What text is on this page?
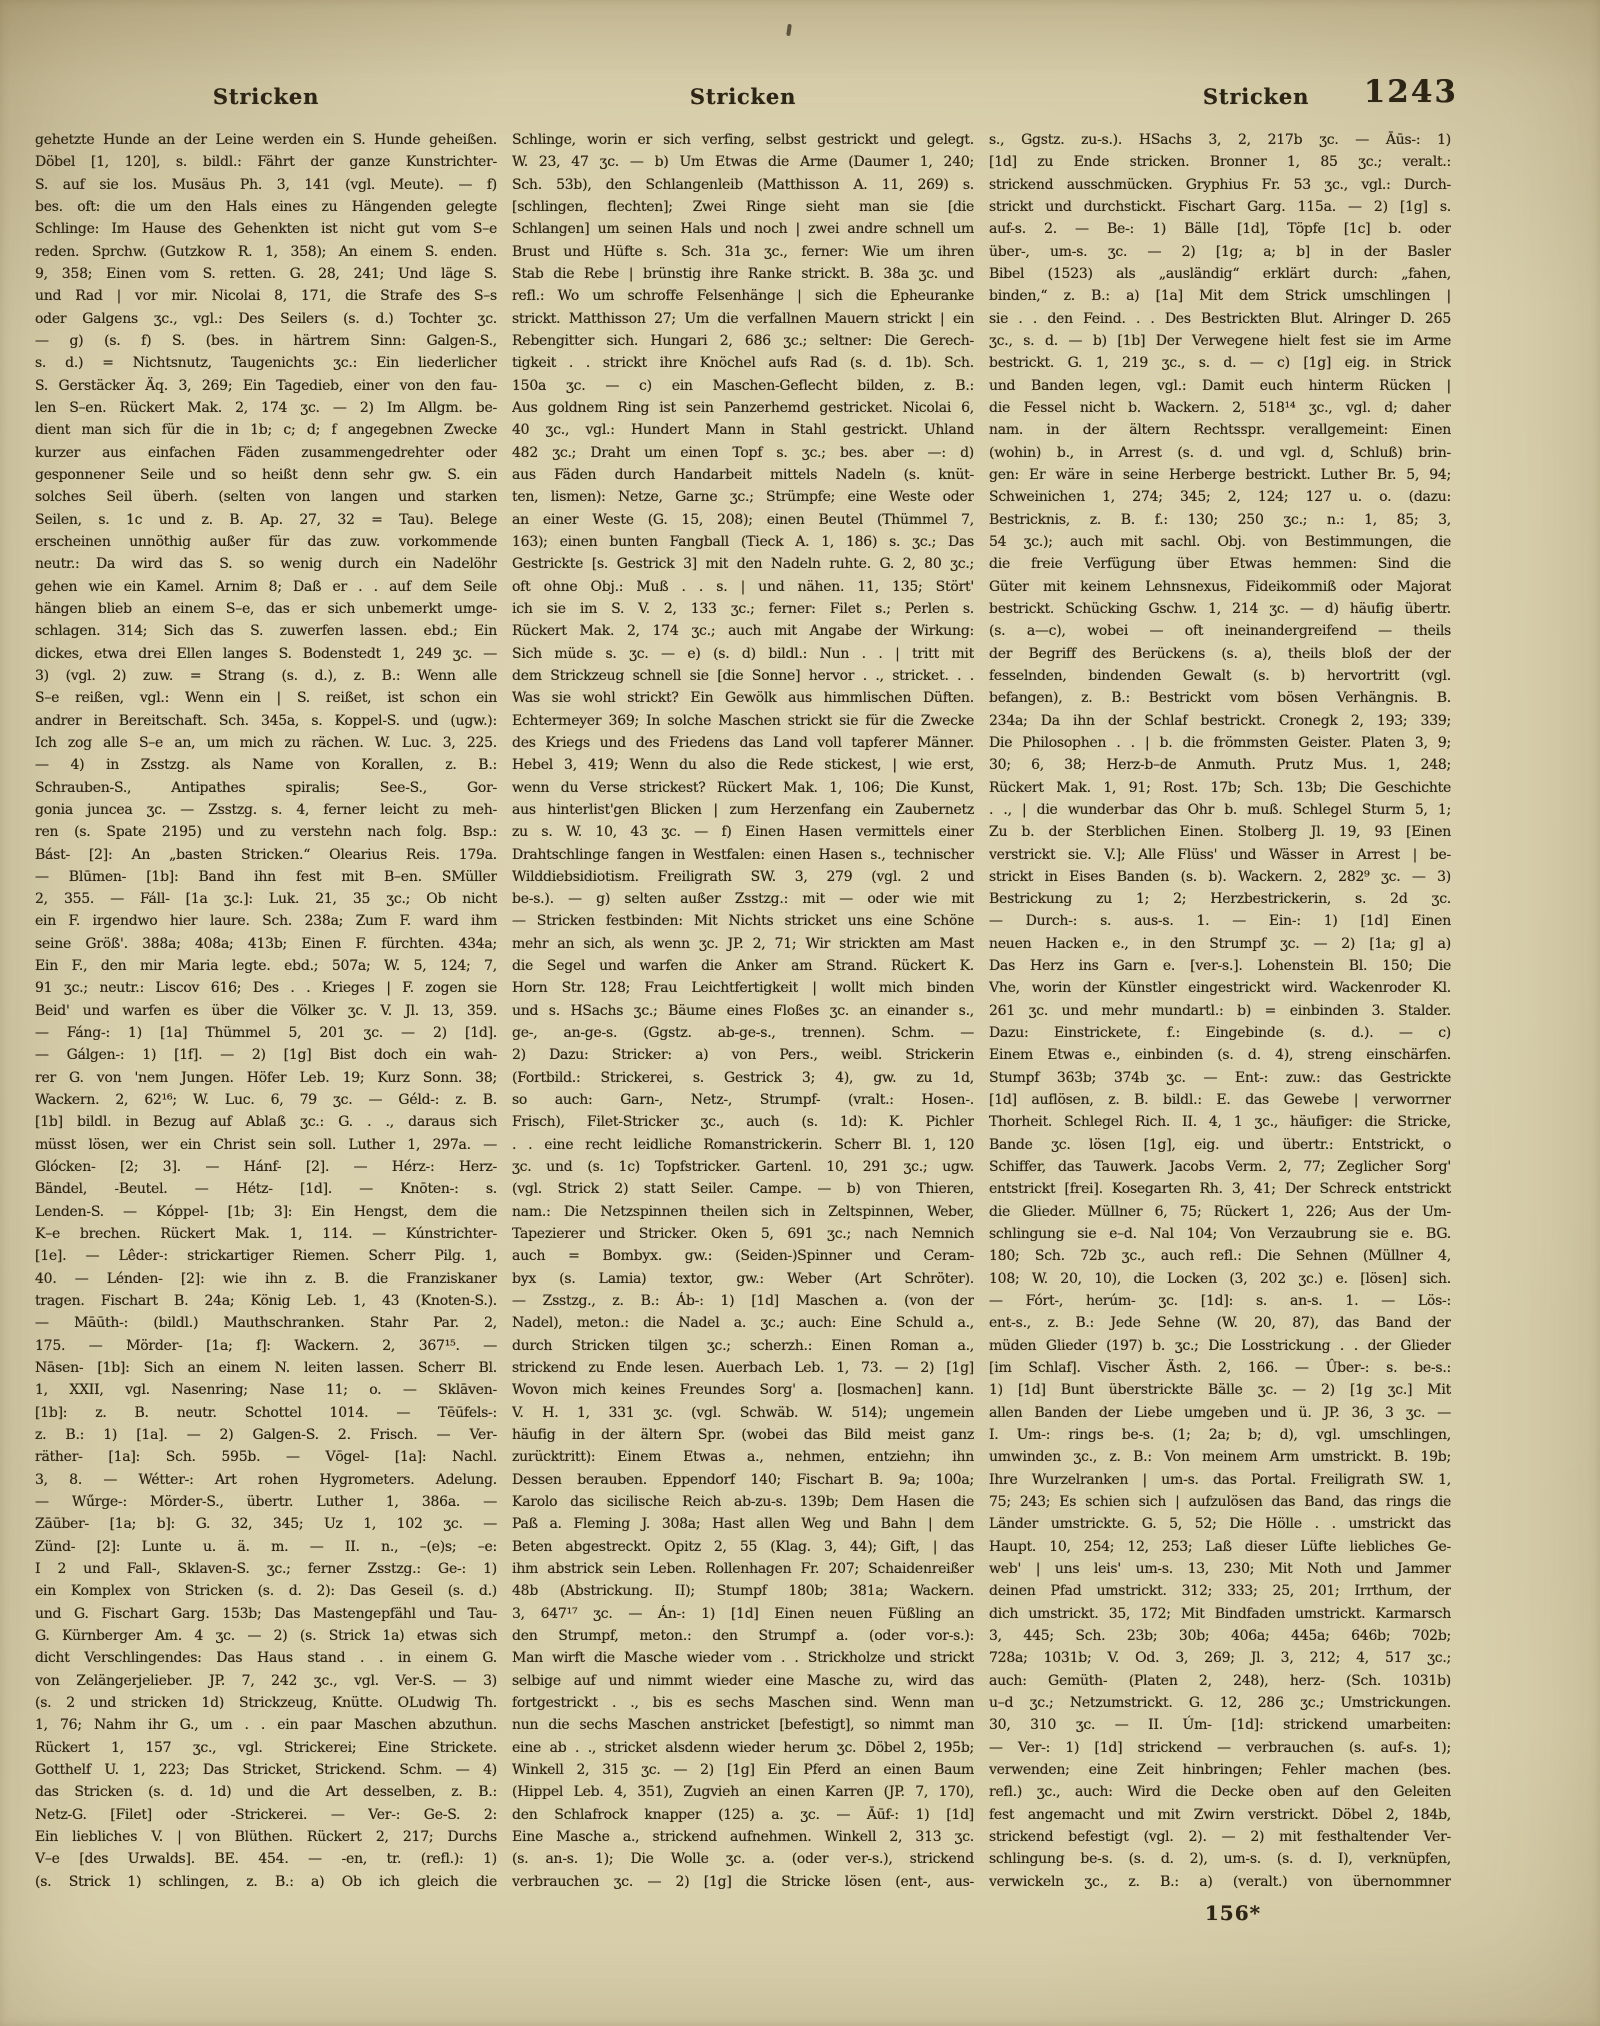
Stricken	Stricken	Stricken	1243
gehetzte Hunde an der Leine werden ein S. Hunde geheißen.
Döbel [1, 120], s. bildl.: Fährt der ganze Kunstrichter-
S. auf sie los. Musäus Ph. 3, 141 (vgl. Meute). — f)
bes. oft: die um den Hals eines zu Hängenden gelegte
Schlinge: Im Hause des Gehenkten ist nicht gut vom S–e
reden. Sprchw. (Gutzkow R. 1, 358); An einem S. enden.
9, 358; Einen vom S. retten. G. 28, 241; Und läge S.
und Rad | vor mir. Nicolai 8, 171, die Strafe des S–s
oder Galgens ʒc., vgl.: Des Seilers (s. d.) Tochter ʒc.
— g) (s. f) S. (bes. in härtrem Sinn: Galgen-S.,
s. d.) = Nichtsnutz, Taugenichts ʒc.: Ein liederlicher
S. Gerstäcker Äq. 3, 269; Ein Tagedieb, einer von den fau-
len S–en. Rückert Mak. 2, 174 ʒc. — 2) Im Allgm. be-
dient man sich für die in 1b; c; d; f angegebnen Zwecke
kurzer aus einfachen Fäden zusammengedrehter oder
gesponnener Seile und so heißt denn sehr gw. S. ein
solches Seil überh. (selten von langen und starken
Seilen, s. 1c und z. B. Ap. 27, 32 = Tau). Belege
erscheinen unnöthig außer für das zuw. vorkommende
neutr.: Da wird das S. so wenig durch ein Nadelöhr
gehen wie ein Kamel. Arnim 8; Daß er . . auf dem Seile
hängen blieb an einem S–e, das er sich unbemerkt umge-
schlagen. 314; Sich das S. zuwerfen lassen. ebd.; Ein
dickes, etwa drei Ellen langes S. Bodenstedt 1, 249 ʒc. —
3) (vgl. 2) zuw. = Strang (s. d.), z. B.: Wenn alle
S–e reißen, vgl.: Wenn ein | S. reißet, ist schon ein
andrer in Bereitschaft. Sch. 345a, s. Koppel-S. und (ugw.):
Ich zog alle S–e an, um mich zu rächen. W. Luc. 3, 225.
— 4) in Zsstzg. als Name von Korallen, z. B.:
Schrauben-S., Antipathes spiralis; See-S., Gor-
gonia juncea ʒc. — Zsstzg. s. 4, ferner leicht zu meh-
ren (s. Spate 2195) und zu verstehn nach folg. Bsp.:
Bást- [2]: An „basten Stricken.“ Olearius Reis. 179a.
— Blūmen- [1b]: Band ihn fest mit B–en. SMüller
2, 355. — Fáll- [1a ʒc.]: Luk. 21, 35 ʒc.; Ob nicht
ein F. irgendwo hier laure. Sch. 238a; Zum F. ward ihm
seine Größ'. 388a; 408a; 413b; Einen F. fürchten. 434a;
Ein F., den mir Maria legte. ebd.; 507a; W. 5, 124; 7,
91 ʒc.; neutr.: Liscov 616; Des . . Krieges | F. zogen sie
Beid' und warfen es über die Völker ʒc. V. Jl. 13, 359.
— Fáng-: 1) [1a] Thümmel 5, 201 ʒc. — 2) [1d].
— Gálgen-: 1) [1f]. — 2) [1g] Bist doch ein wah-
rer G. von 'nem Jungen. Höfer Leb. 19; Kurz Sonn. 38;
Wackern. 2, 62¹⁶; W. Luc. 6, 79 ʒc. — Géld-: z. B.
[1b] bildl. in Bezug auf Ablaß ʒc.: G. . ., daraus sich
müsst lösen, wer ein Christ sein soll. Luther 1, 297a. —
Glócken- [2; 3]. — Hánf- [2]. — Hérz-: Herz-
Bändel, -Beutel. — Hétz- [1d]. — Knōten-: s.
Lenden-S. — Kóppel- [1b; 3]: Ein Hengst, dem die
K–e brechen. Rückert Mak. 1, 114. — Kúnstrichter-
[1e]. — Lêder-: strickartiger Riemen. Scherr Pilg. 1,
40. — Lénden- [2]: wie ihn z. B. die Franziskaner
tragen. Fischart B. 24a; König Leb. 1, 43 (Knoten-S.).
— Māūth-: (bildl.) Mauthschranken. Stahr Par. 2,
175. — Mörder- [1a; f]: Wackern. 2, 367¹⁵. —
Nāsen- [1b]: Sich an einem N. leiten lassen. Scherr Bl.
1, XXII, vgl. Nasenring; Nase 11; o. — Sklāven-
[1b]: z. B. neutr. Schottel 1014. — Tēūfels-:
z. B.: 1) [1a]. — 2) Galgen-S. 2. Frisch. — Ver-
räther- [1a]: Sch. 595b. — Vōgel- [1a]: Nachl.
3, 8. — Wétter-: Art rohen Hygrometers. Adelung.
— Wűrge-: Mörder-S., übertr. Luther 1, 386a. —
Zāūber- [1a; b]: G. 32, 345; Uz 1, 102 ʒc. —
Zünd- [2]: Lunte u. ä. m. — II. n., –(e)s; –e:
I 2 und Fall-, Sklaven-S. ʒc.; ferner Zsstzg.: Ge-: 1)
ein Komplex von Stricken (s. d. 2): Das Geseil (s. d.)
und G. Fischart Garg. 153b; Das Mastengepfähl und Tau-
G. Kürnberger Am. 4 ʒc. — 2) (s. Strick 1a) etwas sich
dicht Verschlingendes: Das Haus stand . . in einem G.
von Zelängerjelieber. JP. 7, 242 ʒc., vgl. Ver-S. — 3)
(s. 2 und stricken 1d) Strickzeug, Knütte. OLudwig Th.
1, 76; Nahm ihr G., um . . ein paar Maschen abzuthun.
Rückert 1, 157 ʒc., vgl. Strickerei; Eine Strickete.
Gotthelf U. 1, 223; Das Stricket, Strickend. Schm. — 4)
das Stricken (s. d. 1d) und die Art desselben, z. B.:
Netz-G. [Filet] oder -Strickerei. — Ver-: Ge-S. 2:
Ein liebliches V. | von Blüthen. Rückert 2, 217; Durchs
V–e [des Urwalds]. BE. 454. — -en, tr. (refl.): 1)
(s. Strick 1) schlingen, z. B.: a) Ob ich gleich die
Schlinge, worin er sich verfing, selbst gestrickt und gelegt.
W. 23, 47 ʒc. — b) Um Etwas die Arme (Daumer 1, 240;
Sch. 53b), den Schlangenleib (Matthisson A. 11, 269) s.
[schlingen, flechten]; Zwei Ringe sieht man sie [die
Schlangen] um seinen Hals und noch | zwei andre schnell um
Brust und Hüfte s. Sch. 31a ʒc., ferner: Wie um ihren
Stab die Rebe | brünstig ihre Ranke strickt. B. 38a ʒc. und
refl.: Wo um schroffe Felsenhänge | sich die Epheuranke
strickt. Matthisson 27; Um die verfallnen Mauern strickt | ein
Rebengitter sich. Hungari 2, 686 ʒc.; seltner: Die Gerech-
tigkeit . . strickt ihre Knöchel aufs Rad (s. d. 1b). Sch.
150a ʒc. — c) ein Maschen-Geflecht bilden, z. B.:
Aus goldnem Ring ist sein Panzerhemd gestricket. Nicolai 6,
40 ʒc., vgl.: Hundert Mann in Stahl gestrickt. Uhland
482 ʒc.; Draht um einen Topf s. ʒc.; bes. aber —: d)
aus Fäden durch Handarbeit mittels Nadeln (s. knüt-
ten, lismen): Netze, Garne ʒc.; Strümpfe; eine Weste oder
an einer Weste (G. 15, 208); einen Beutel (Thümmel 7,
163); einen bunten Fangball (Tieck A. 1, 186) s. ʒc.; Das
Gestrickte [s. Gestrick 3] mit den Nadeln ruhte. G. 2, 80 ʒc.;
oft ohne Obj.: Muß . . s. | und nähen. 11, 135; Stört'
ich sie im S. V. 2, 133 ʒc.; ferner: Filet s.; Perlen s.
Rückert Mak. 2, 174 ʒc.; auch mit Angabe der Wirkung:
Sich müde s. ʒc. — e) (s. d) bildl.: Nun . . | tritt mit
dem Strickzeug schnell sie [die Sonne] hervor . ., stricket. . .
Was sie wohl strickt? Ein Gewölk aus himmlischen Düften.
Echtermeyer 369; In solche Maschen strickt sie für die Zwecke
des Kriegs und des Friedens das Land voll tapferer Männer.
Hebel 3, 419; Wenn du also die Rede stickest, | wie erst,
wenn du Verse strickest? Rückert Mak. 1, 106; Die Kunst,
aus hinterlist'gen Blicken | zum Herzenfang ein Zaubernetz
zu s. W. 10, 43 ʒc. — f) Einen Hasen vermittels einer
Drahtschlinge fangen in Westfalen: einen Hasen s., technischer
Wilddiebsidiotism. Freiligrath SW. 3, 279 (vgl. 2 und
be-s.). — g) selten außer Zsstzg.: mit — oder wie mit
— Stricken festbinden: Mit Nichts stricket uns eine Schöne
mehr an sich, als wenn ʒc. JP. 2, 71; Wir strickten am Mast
die Segel und warfen die Anker am Strand. Rückert K.
Horn Str. 128; Frau Leichtfertigkeit | wollt mich binden
und s. HSachs ʒc.; Bäume eines Floßes ʒc. an einander s.,
ge-, an-ge-s. (Ggstz. ab-ge-s., trennen). Schm. —
2) Dazu: Stricker: a) von Pers., weibl. Strickerin
(Fortbild.: Strickerei, s. Gestrick 3; 4), gw. zu 1d,
so auch: Garn-, Netz-, Strumpf- (vralt.: Hosen-.
Frisch), Filet-Stricker ʒc., auch (s. 1d): K. Pichler
. . eine recht leidliche Romanstrickerin. Scherr Bl. 1, 120
ʒc. und (s. 1c) Topfstricker. Gartenl. 10, 291 ʒc.; ugw.
(vgl. Strick 2) statt Seiler. Campe. — b) von Thieren,
nam.: Die Netzspinnen theilen sich in Zeltspinnen, Weber,
Tapezierer und Stricker. Oken 5, 691 ʒc.; nach Nemnich
auch = Bombyx. gw.: (Seiden-)Spinner und Ceram-
byx (s. Lamia) textor, gw.: Weber (Art Schröter).
— Zsstzg., z. B.: Áb-: 1) [1d] Maschen a. (von der
Nadel), meton.: die Nadel a. ʒc.; auch: Eine Schuld a.,
durch Stricken tilgen ʒc.; scherzh.: Einen Roman a.,
strickend zu Ende lesen. Auerbach Leb. 1, 73. — 2) [1g]
Wovon mich keines Freundes Sorg' a. [losmachen] kann.
V. H. 1, 331 ʒc. (vgl. Schwäb. W. 514); ungemein
häufig in der ältern Spr. (wobei das Bild meist ganz
zurücktritt): Einem Etwas a., nehmen, entziehn; ihn
Dessen berauben. Eppendorf 140; Fischart B. 9a; 100a;
Karolo das sicilische Reich ab-zu-s. 139b; Dem Hasen die
Paß a. Fleming J. 308a; Hast allen Weg und Bahn | dem
Beten abgestreckt. Opitz 2, 55 (Klag. 3, 44); Gift, | das
ihm abstrick sein Leben. Rollenhagen Fr. 207; Schaidenreißer
48b (Abstrickung. II); Stumpf 180b; 381a; Wackern.
3, 647¹⁷ ʒc. — Án-: 1) [1d] Einen neuen Füßling an
den Strumpf, meton.: den Strumpf a. (oder vor-s.):
Man wirft die Masche wieder vom . . Strickholze und strickt
selbige auf und nimmt wieder eine Masche zu, wird das
fortgestrickt . ., bis es sechs Maschen sind. Wenn man
nun die sechs Maschen anstricket [befestigt], so nimmt man
eine ab . ., stricket alsdenn wieder herum ʒc. Döbel 2, 195b;
Winkell 2, 315 ʒc. — 2) [1g] Ein Pferd an einen Baum
(Hippel Leb. 4, 351), Zugvieh an einen Karren (JP. 7, 170),
den Schlafrock knapper (125) a. ʒc. — Āūf-: 1) [1d]
Eine Masche a., strickend aufnehmen. Winkell 2, 313 ʒc.
(s. an-s. 1); Die Wolle ʒc. a. (oder ver-s.), strickend
verbrauchen ʒc. — 2) [1g] die Stricke lösen (ent-, aus-
s., Ggstz. zu-s.). HSachs 3, 2, 217b ʒc. — Āūs-: 1)
[1d] zu Ende stricken. Bronner 1, 85 ʒc.; veralt.:
strickend ausschmücken. Gryphius Fr. 53 ʒc., vgl.: Durch-
strickt und durchstickt. Fischart Garg. 115a. — 2) [1g] s.
auf-s. 2. — Be-: 1) Bälle [1d], Töpfe [1c] b. oder
über-, um-s. ʒc. — 2) [1g; a; b] in der Basler
Bibel (1523) als „ausländig“ erklärt durch: „fahen,
binden,“ z. B.: a) [1a] Mit dem Strick umschlingen |
sie . . den Feind. . . Des Bestrickten Blut. Alringer D. 265
ʒc., s. d. — b) [1b] Der Verwegene hielt fest sie im Arme
bestrickt. G. 1, 219 ʒc., s. d. — c) [1g] eig. in Strick
und Banden legen, vgl.: Damit euch hinterm Rücken |
die Fessel nicht b. Wackern. 2, 518¹⁴ ʒc., vgl. d; daher
nam. in der ältern Rechtsspr. verallgemeint: Einen
(wohin) b., in Arrest (s. d. und vgl. d, Schluß) brin-
gen: Er wäre in seine Herberge bestrickt. Luther Br. 5, 94;
Schweinichen 1, 274; 345; 2, 124; 127 u. o. (dazu:
Bestricknis, z. B. f.: 130; 250 ʒc.; n.: 1, 85; 3,
54 ʒc.); auch mit sachl. Obj. von Bestimmungen, die
die freie Verfügung über Etwas hemmen: Sind die
Güter mit keinem Lehnsnexus, Fideikommiß oder Majorat
bestrickt. Schücking Gschw. 1, 214 ʒc. — d) häufig übertr.
(s. a—c), wobei — oft ineinandergreifend — theils
der Begriff des Berückens (s. a), theils bloß der der
fesselnden, bindenden Gewalt (s. b) hervortritt (vgl.
befangen), z. B.: Bestrickt vom bösen Verhängnis. B.
234a; Da ihn der Schlaf bestrickt. Cronegk 2, 193; 339;
Die Philosophen . . | b. die frömmsten Geister. Platen 3, 9;
30; 6, 38; Herz-b–de Anmuth. Prutz Mus. 1, 248;
Rückert Mak. 1, 91; Rost. 17b; Sch. 13b; Die Geschichte
. ., | die wunderbar das Ohr b. muß. Schlegel Sturm 5, 1;
Zu b. der Sterblichen Einen. Stolberg Jl. 19, 93 [Einen
verstrickt sie. V.]; Alle Flüss' und Wässer in Arrest | be-
strickt in Eises Banden (s. b). Wackern. 2, 282⁹ ʒc. — 3)
Bestrickung zu 1; 2; Herzbestrickerin, s. 2d ʒc.
— Durch-: s. aus-s. 1. — Ein-: 1) [1d] Einen
neuen Hacken e., in den Strumpf ʒc. — 2) [1a; g] a)
Das Herz ins Garn e. [ver-s.]. Lohenstein Bl. 150; Die
Vhe, worin der Künstler eingestrickt wird. Wackenroder Kl.
261 ʒc. und mehr mundartl.: b) = einbinden 3. Stalder.
Dazu: Einstrickete, f.: Eingebinde (s. d.). — c)
Einem Etwas e., einbinden (s. d. 4), streng einschärfen.
Stumpf 363b; 374b ʒc. — Ent-: zuw.: das Gestrickte
[1d] auflösen, z. B. bildl.: E. das Gewebe | verworrner
Thorheit. Schlegel Rich. II. 4, 1 ʒc., häufiger: die Stricke,
Bande ʒc. lösen [1g], eig. und übertr.: Entstrickt, o
Schiffer, das Tauwerk. Jacobs Verm. 2, 77; Zeglicher Sorg'
entstrickt [frei]. Kosegarten Rh. 3, 41; Der Schreck entstrickt
die Glieder. Müllner 6, 75; Rückert 1, 226; Aus der Um-
schlingung sie e–d. Nal 104; Von Verzaubrung sie e. BG.
180; Sch. 72b ʒc., auch refl.: Die Sehnen (Müllner 4,
108; W. 20, 10), die Locken (3, 202 ʒc.) e. [lösen] sich.
— Fórt-, herúm- ʒc. [1d]: s. an-s. 1. — Lös-:
ent-s., z. B.: Jede Sehne (W. 20, 87), das Band der
müden Glieder (197) b. ʒc.; Die Losstrickung . . der Glieder
[im Schlaf]. Vischer Ästh. 2, 166. — Ûber-: s. be-s.:
1) [1d] Bunt überstrickte Bälle ʒc. — 2) [1g ʒc.] Mit
allen Banden der Liebe umgeben und ü. JP. 36, 3 ʒc. —
I. Um-: rings be-s. (1; 2a; b; d), vgl. umschlingen,
umwinden ʒc., z. B.: Von meinem Arm umstrickt. B. 19b;
Ihre Wurzelranken | um-s. das Portal. Freiligrath SW. 1,
75; 243; Es schien sich | aufzulösen das Band, das rings die
Länder umstrickte. G. 5, 52; Die Hölle . . umstrickt das
Haupt. 10, 254; 12, 253; Laß dieser Lüfte liebliches Ge-
web' | uns leis' um-s. 13, 230; Mit Noth und Jammer
deinen Pfad umstrickt. 312; 333; 25, 201; Irrthum, der
dich umstrickt. 35, 172; Mit Bindfaden umstrickt. Karmarsch
3, 445; Sch. 23b; 30b; 406a; 445a; 646b; 702b;
728a; 1031b; V. Od. 3, 269; Jl. 3, 212; 4, 517 ʒc.;
auch: Gemüth- (Platen 2, 248), herz- (Sch. 1031b)
u–d ʒc.; Netzumstrickt. G. 12, 286 ʒc.; Umstrickungen.
30, 310 ʒc. — II. Úm- [1d]: strickend umarbeiten:
— Ver-: 1) [1d] strickend — verbrauchen (s. auf-s. 1);
verwenden; eine Zeit hinbringen; Fehler machen (bes.
refl.) ʒc., auch: Wird die Decke oben auf den Geleiten
fest angemacht und mit Zwirn verstrickt. Döbel 2, 184b,
strickend befestigt (vgl. 2). — 2) mit festhaltender Ver-
schlingung be-s. (s. d. 2), um-s. (s. d. I), verknüpfen,
verwickeln ʒc., z. B.: a) (veralt.) von übernommner
156*
